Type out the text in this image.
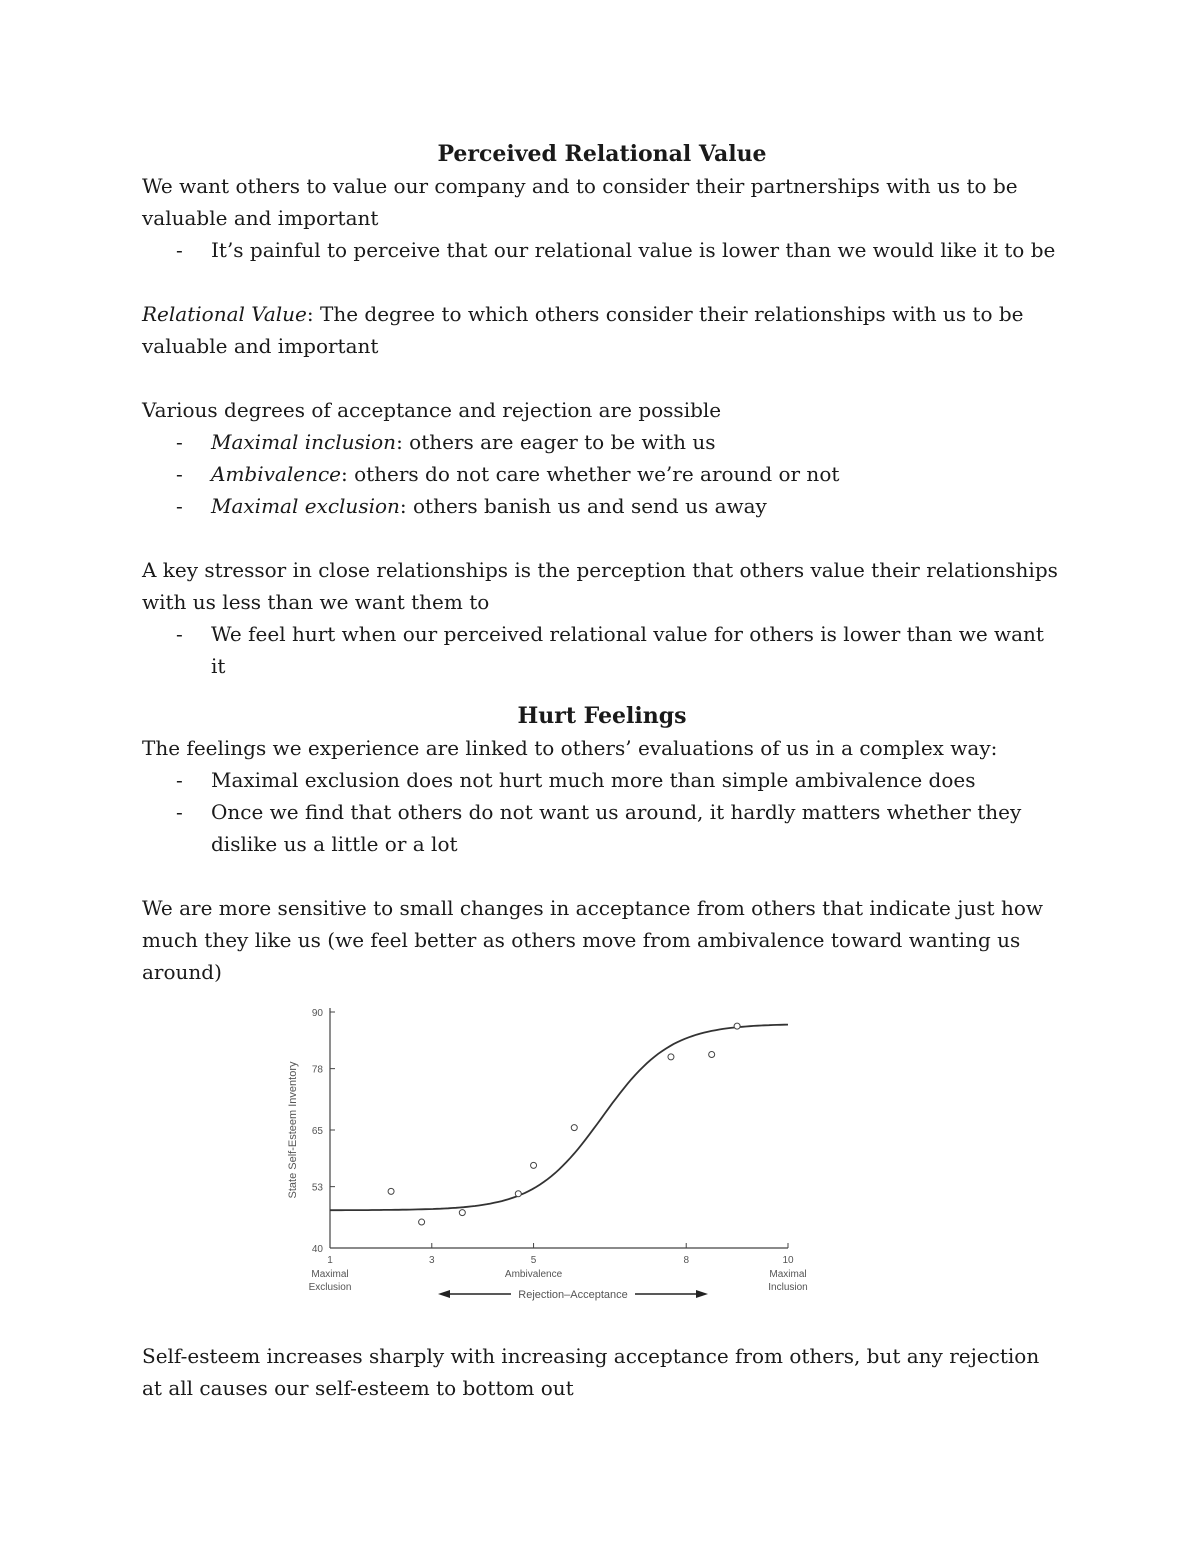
Perceived Relational Value

We want others to value our company and to consider their partnerships with us to be valuable and important

- It’s painful to perceive that our relational value is lower than we would like it to be

Relational Value: The degree to which others consider their relationships with us to be valuable and important

Various degrees of acceptance and rejection are possible

- Maximal inclusion: others are eager to be with us
- Ambivalence: others do not care whether we’re around or not
- Maximal exclusion: others banish us and send us away

A key stressor in close relationships is the perception that others value their relationships with us less than we want them to

- We feel hurt when our perceived relational value for others is lower than we want it
Hurt Feelings

The feelings we experience are linked to others’ evaluations of us in a complex way:

- Maximal exclusion does not hurt much more than simple ambivalence does
- Once we find that others do not want us around, it hardly matters whether they dislike us a little or a lot

We are more sensitive to small changes in acceptance from others that indicate just how much they like us (we feel better as others move from ambivalence toward wanting us around)

40
53
65
78
90
1	3	5	8	10
Maximal
Exclusion
Ambivalence	Maximal
Inclusion
State Self-Esteem Inventory
Rejection–Acceptance

Self-esteem increases sharply with increasing acceptance from others, but any rejection at all causes our self-esteem to bottom out
